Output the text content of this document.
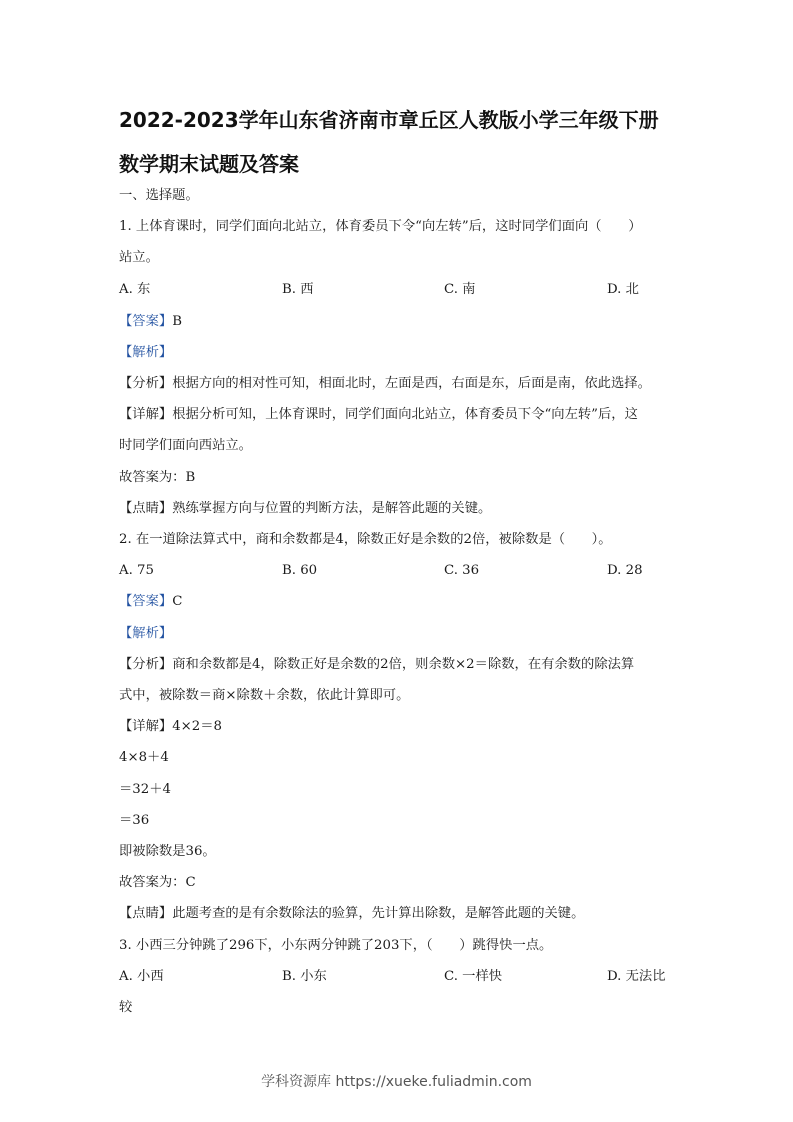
2022-2023学年山东省济南市章丘区人教版小学三年级下册
数学期末试题及答案
一、选择题。
1. 上体育课时，同学们面向北站立，体育委员下令“向左转”后，这时同学们面向（　　）
站立。
A. 东	B. 西	C. 南	D. 北
【答案】B
【解析】
【分析】根据方向的相对性可知，相面北时，左面是西，右面是东，后面是南，依此选择。
【详解】根据分析可知，上体育课时，同学们面向北站立，体育委员下令“向左转”后，这
时同学们面向西站立。
故答案为：B
【点睛】熟练掌握方向与位置的判断方法，是解答此题的关键。
2. 在一道除法算式中，商和余数都是4，除数正好是余数的2倍，被除数是（　　）。
A. 75	B. 60	C. 36	D. 28
【答案】C
【解析】
【分析】商和余数都是4，除数正好是余数的2倍，则余数×2＝除数，在有余数的除法算
式中，被除数＝商×除数＋余数，依此计算即可。
【详解】4×2＝8
4×8＋4
＝32＋4
＝36
即被除数是36。
故答案为：C
【点睛】此题考查的是有余数除法的验算，先计算出除数，是解答此题的关键。
3. 小西三分钟跳了296下，小东两分钟跳了203下，（　　）跳得快一点。
A. 小西	B. 小东	C. 一样快	D. 无法比
较
学科资源库 https://xueke.fuliadmin.com
